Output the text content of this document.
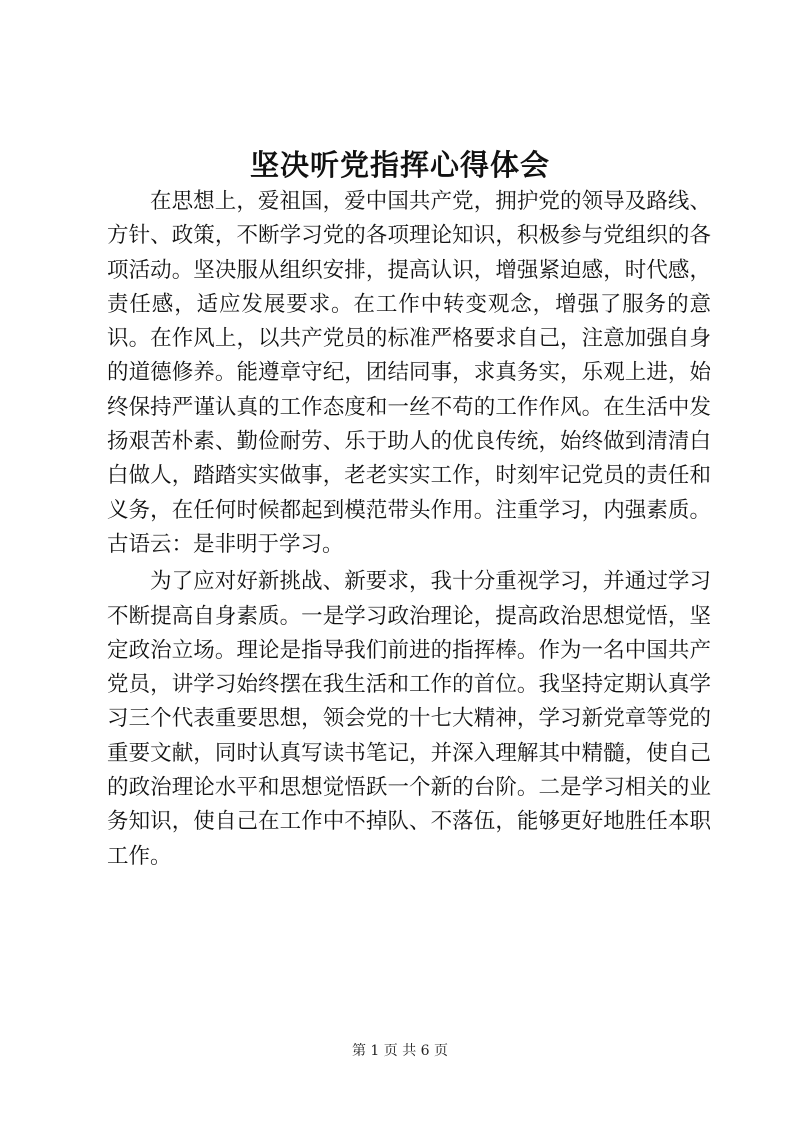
坚决听党指挥心得体会

在思想上，爱祖国，爱中国共产党，拥护党的领导及路线、方针、政策，不断学习党的各项理论知识，积极参与党组织的各项活动。坚决服从组织安排，提高认识，增强紧迫感，时代感，责任感，适应发展要求。在工作中转变观念，增强了服务的意识。在作风上，以共产党员的标准严格要求自己，注意加强自身的道德修养。能遵章守纪，团结同事，求真务实，乐观上进，始终保持严谨认真的工作态度和一丝不苟的工作作风。在生活中发扬艰苦朴素、勤俭耐劳、乐于助人的优良传统，始终做到清清白白做人，踏踏实实做事，老老实实工作，时刻牢记党员的责任和义务，在任何时候都起到模范带头作用。注重学习，内强素质。古语云：是非明于学习。

为了应对好新挑战、新要求，我十分重视学习，并通过学习不断提高自身素质。一是学习政治理论，提高政治思想觉悟，坚定政治立场。理论是指导我们前进的指挥棒。作为一名中国共产党员，讲学习始终摆在我生活和工作的首位。我坚持定期认真学习三个代表重要思想，领会党的十七大精神，学习新党章等党的重要文献，同时认真写读书笔记，并深入理解其中精髓，使自己的政治理论水平和思想觉悟跃一个新的台阶。二是学习相关的业务知识，使自己在工作中不掉队、不落伍，能够更好地胜任本职工作。

第 1 页 共 6 页
